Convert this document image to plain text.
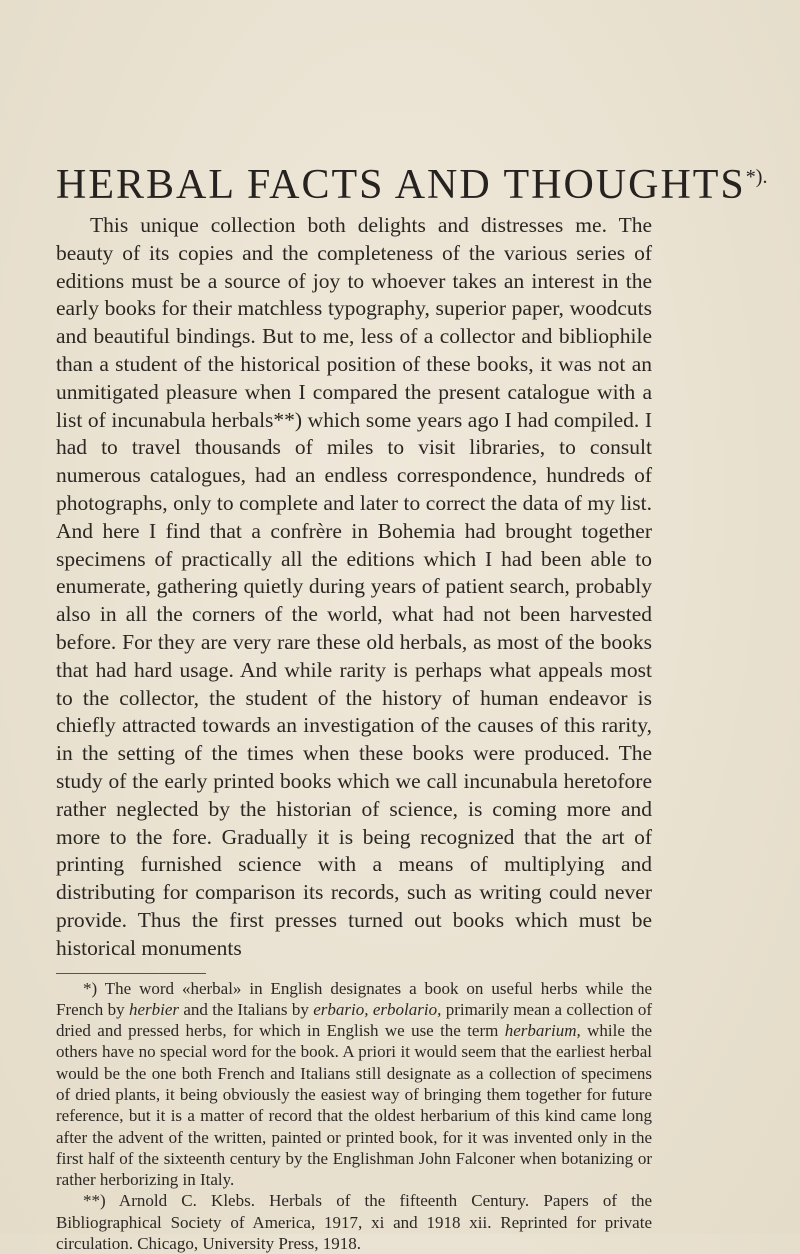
HERBAL FACTS AND THOUGHTS*).

This unique collection both delights and distresses me. The beauty of its copies and the completeness of the various series of editions must be a source of joy to whoever takes an interest in the early books for their matchless typography, superior paper, woodcuts and beautiful bindings. But to me, less of a collector and bibliophile than a student of the historical position of these books, it was not an unmitigated pleasure when I compared the present catalogue with a list of incunabula herbals**) which some years ago I had compiled. I had to travel thousands of miles to visit libraries, to consult numerous catalogues, had an endless correspondence, hundreds of photographs, only to complete and later to correct the data of my list. And here I find that a confrère in Bohemia had brought together specimens of practically all the editions which I had been able to enumerate, gathering quietly during years of patient search, probably also in all the corners of the world, what had not been harvested before. For they are very rare these old herbals, as most of the books that had hard usage. And while rarity is perhaps what appeals most to the collector, the student of the history of human endeavor is chiefly attracted towards an investigation of the causes of this rarity, in the setting of the times when these books were produced. The study of the early printed books which we call incunabula heretofore rather neglected by the historian of science, is coming more and more to the fore. Gradually it is being recognized that the art of printing furnished science with a means of multiplying and distributing for comparison its records, such as writing could never provide. Thus the first presses turned out books which must be historical monuments

*) The word «herbal» in English designates a book on useful herbs while the French by herbier and the Italians by erbario, erbolario, primarily mean a collection of dried and pressed herbs, for which in English we use the term herbarium, while the others have no special word for the book. A priori it would seem that the earliest herbal would be the one both French and Italians still designate as a collection of specimens of dried plants, it being obviously the easiest way of bringing them together for future reference, but it is a matter of record that the oldest herbarium of this kind came long after the advent of the written, painted or printed book, for it was invented only in the first half of the sixteenth century by the Englishman John Falconer when botanizing or rather herborizing in Italy.

**) Arnold C. Klebs. Herbals of the fifteenth Century. Papers of the Bibliographical Society of America, 1917, xi and 1918 xii. Reprinted for private circulation. Chicago, University Press, 1918.
